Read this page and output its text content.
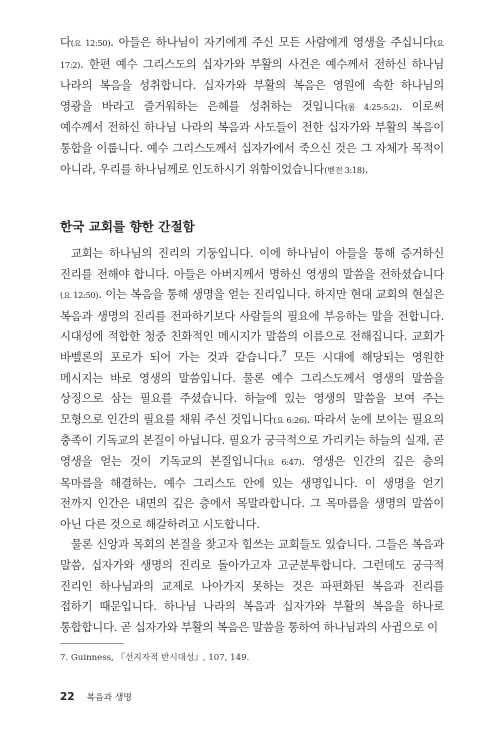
다(요 12:50). 아들은 하나님이 자기에게 주신 모든 사람에게 영생을 주십니다(요 17:2). 한편 예수 그리스도의 십자가와 부활의 사건은 예수께서 전하신 하나님 나라의 복음을 성취합니다. 십자가와 부활의 복음은 영원에 속한 하나님의 영광을 바라고 즐거워하는 은혜를 성취하는 것입니다(롬 4:25-5:2). 이로써 예수께서 전하신 하나님 나라의 복음과 사도들이 전한 십자가와 부활의 복음이 통합을 이룹니다. 예수 그리스도께서 십자가에서 죽으신 것은 그 자체가 목적이 아니라, 우리를 하나님께로 인도하시기 위함이었습니다(벧전 3:18).
한국 교회를 향한 간절함

교회는 하나님의 진리의 기둥입니다. 이에 하나님이 아들을 통해 증거하신 진리를 전해야 합니다. 아들은 아버지께서 명하신 영생의 말씀을 전하셨습니다(요 12:50). 이는 복음을 통해 생명을 얻는 진리입니다. 하지만 현대 교회의 현실은 복음과 생명의 진리를 전파하기보다 사람들의 필요에 부응하는 말을 전합니다. 시대성에 적합한 청중 친화적인 메시지가 말씀의 이름으로 전해집니다. 교회가 바벨론의 포로가 되어 가는 것과 같습니다.$^7$ 모든 시대에 해당되는 영원한 메시지는 바로 영생의 말씀입니다. 물론 예수 그리스도께서 영생의 말씀을 상징으로 삼는 필요를 주셨습니다. 하늘에 있는 영생의 말씀을 보여 주는 모형으로 인간의 필요를 채워 주신 것입니다(요 6:26). 따라서 눈에 보이는 필요의 충족이 기독교의 본질이 아닙니다. 필요가 궁극적으로 가리키는 하늘의 실재, 곧 영생을 얻는 것이 기독교의 본질입니다(요 6:47). 영생은 인간의 깊은 층의 목마름을 해결하는, 예수 그리스도 안에 있는 생명입니다. 이 생명을 얻기 전까지 인간은 내면의 깊은 층에서 목말라합니다. 그 목마름을 생명의 말씀이 아닌 다른 것으로 해갈하려고 시도합니다.

물론 신앙과 목회의 본질을 찾고자 힘쓰는 교회들도 있습니다. 그들은 복음과 말씀, 십자가와 생명의 진리로 돌아가고자 고군분투합니다. 그런데도 궁극적 진리인 하나님과의 교제로 나아가지 못하는 것은 파편화된 복음과 진리를 접하기 때문입니다. 하나님 나라의 복음과 십자가와 부활의 복음을 하나로 통합합니다. 곧 십자가와 부활의 복음은 말씀을 통하여 하나님과의 사귐으로 이

7. Guinness, 『선지자적 반시대성』, 107, 149.
22 복음과 생명
